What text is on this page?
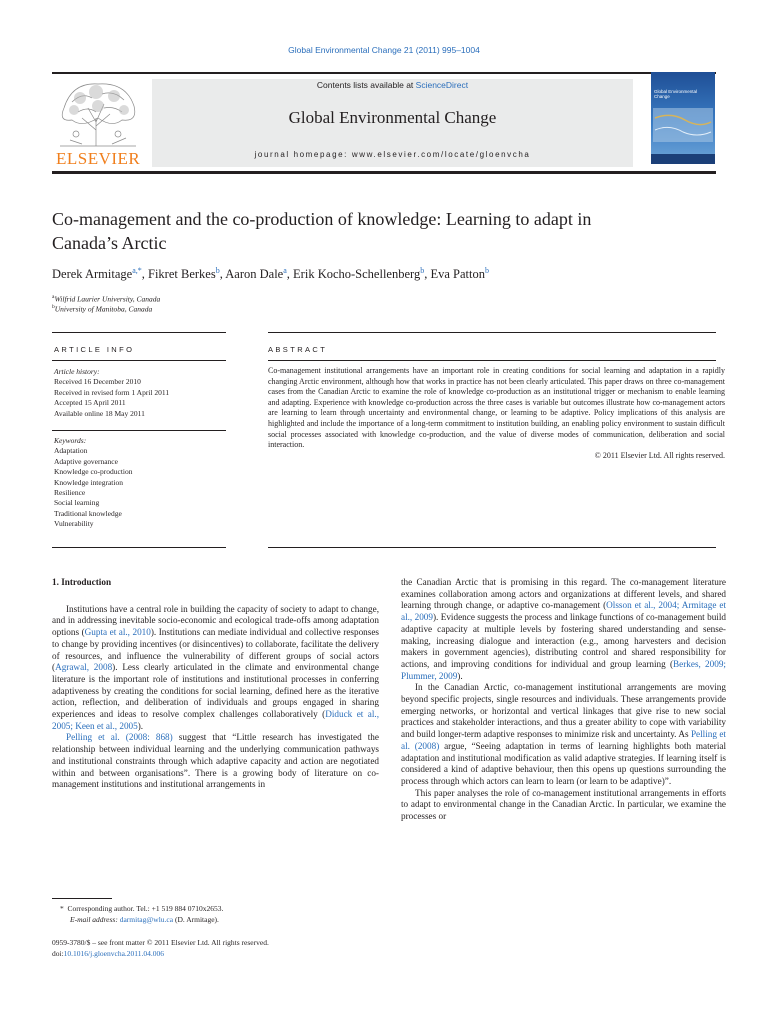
Global Environmental Change 21 (2011) 995–1004
ELSEVIER
Contents lists available at ScienceDirect
Global Environmental Change
journal homepage: www.elsevier.com/locate/gloenvcha
Global Environmental Change
Co-management and the co-production of knowledge: Learning to adapt in
Canada’s Arctic
Derek Armitage$^{a,*}$, Fikret Berkes$^b$, Aaron Dale$^a$, Erik Kocho-Schellenberg$^b$, Eva Patton$^b$
$^a$Wilfrid Laurier University, Canada
$^b$University of Manitoba, Canada
ARTICLE INFO
Article history:
Received 16 December 2010
Received in revised form 1 April 2011
Accepted 15 April 2011
Available online 18 May 2011
Keywords:
Adaptation
Adaptive governance
Knowledge co-production
Knowledge integration
Resilience
Social learning
Traditional knowledge
Vulnerability
ABSTRACT
Co-management institutional arrangements have an important role in creating conditions for social learning and adaptation in a rapidly changing Arctic environment, although how that works in practice has not been clearly articulated. This paper draws on three co-management cases from the Canadian Arctic to examine the role of knowledge co-production as an institutional trigger or mechanism to enable learning and adapting. Experience with knowledge co-production across the three cases is variable but outcomes illustrate how co-management actors are learning to learn through uncertainty and environmental change, or learning to be adaptive. Policy implications of this analysis are highlighted and include the importance of a long-term commitment to institution building, an enabling policy environment to sustain difficult social processes associated with knowledge co-production, and the value of diverse modes of communication, deliberation and social interaction.
© 2011 Elsevier Ltd. All rights reserved.
1. Introduction

Institutions have a central role in building the capacity of society to adapt to change, and in addressing inevitable socio-economic and ecological trade-offs among adaptation options (Gupta et al., 2010). Institutions can mediate individual and collective responses to change by providing incentives (or disincentives) to collaborate, facilitate the delivery of resources, and influence the vulnerability of different groups of social actors (Agrawal, 2008). Less clearly articulated in the climate and environmental change literature is the important role of institutions and institutional processes in conferring adaptiveness by creating the conditions for social learning, defined here as the iterative action, reflection, and deliberation of individuals and groups engaged in sharing experiences and ideas to resolve complex challenges collaboratively (Diduck et al., 2005; Keen et al., 2005).

Pelling et al. (2008: 868) suggest that “Little research has investigated the relationship between individual learning and the underlying communication pathways and institutional constraints through which adaptive capacity and action are negotiated within and between organisations”. There is a growing body of literature on co-management institutions and institutional arrangements in

the Canadian Arctic that is promising in this regard. The co-management literature examines collaboration among actors and organizations at different levels, and shared learning through change, or adaptive co-management (Olsson et al., 2004; Armitage et al., 2009). Evidence suggests the process and linkage functions of co-management build adaptive capacity at multiple levels by fostering shared understanding and sense-making, increasing dialogue and interaction (e.g., among harvesters and decision makers in government agencies), distributing control and shared responsibility for actions, and improving conditions for individual and group learning (Berkes, 2009; Plummer, 2009).

In the Canadian Arctic, co-management institutional arrangements are moving beyond specific projects, single resources and individuals. These arrangements provide emerging networks, or horizontal and vertical linkages that give rise to new social practices and stakeholder interactions, and thus a greater ability to cope with variability and build longer-term adaptive responses to minimize risk and uncertainty. As Pelling et al. (2008) argue, “Seeing adaptation in terms of learning highlights both material adaptation and institutional modification as valid adaptive strategies. If learning itself is considered a kind of adaptive behaviour, then this opens up questions surrounding the process through which actors can learn to learn (or learn to be adaptive)”.

This paper analyses the role of co-management institutional arrangements in efforts to adapt to environmental change in the Canadian Arctic. In particular, we examine the processes or

* Corresponding author. Tel.: +1 519 884 0710x2653.
E-mail address: darmitag@wlu.ca (D. Armitage).
0959-3780/$ – see front matter © 2011 Elsevier Ltd. All rights reserved.
doi:10.1016/j.gloenvcha.2011.04.006
